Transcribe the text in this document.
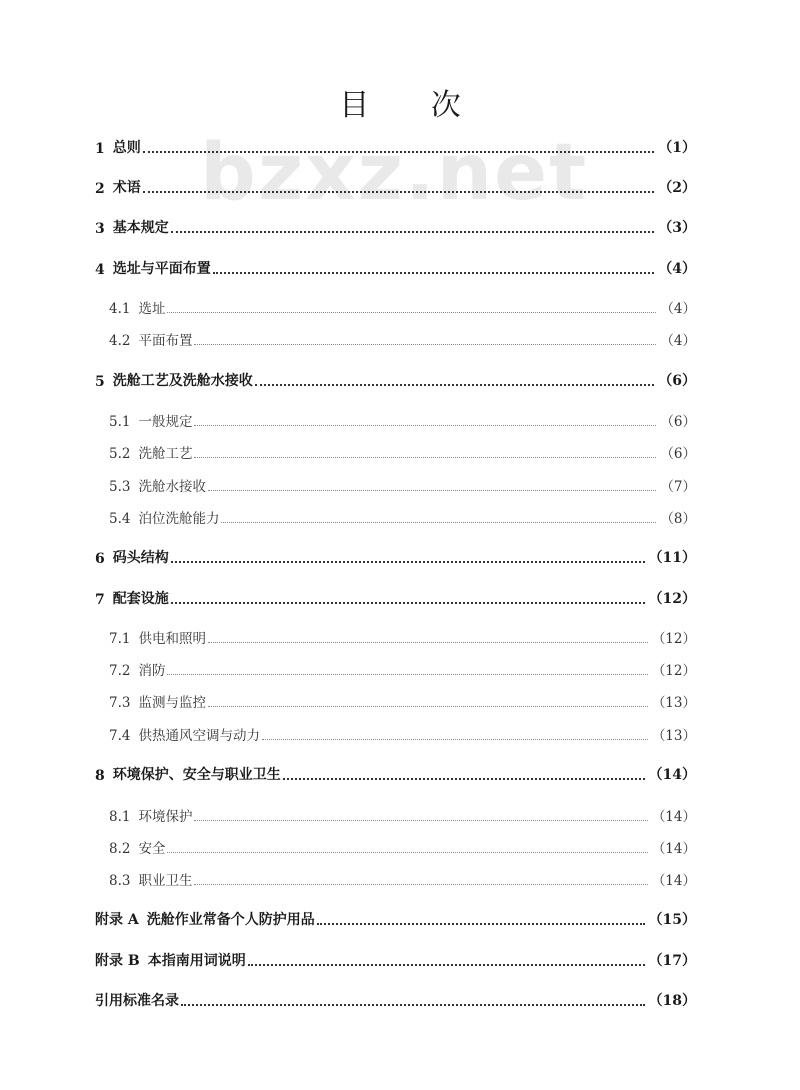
bzxz.net
目 次
1 总则	（1）
2 术语	（2）
3 基本规定	（3）
4 选址与平面布置	（4）
4.1 选址	（4）
4.2 平面布置	（4）
5 洗舱工艺及洗舱水接收	（6）
5.1 一般规定	（6）
5.2 洗舱工艺	（6）
5.3 洗舱水接收	（7）
5.4 泊位洗舱能力	（8）
6 码头结构	（11）
7 配套设施	（12）
7.1 供电和照明	（12）
7.2 消防	（12）
7.3 监测与监控	（13）
7.4 供热通风空调与动力	（13）
8 环境保护、安全与职业卫生	（14）
8.1 环境保护	（14）
8.2 安全	（14）
8.3 职业卫生	（14）
附录 A 洗舱作业常备个人防护用品	（15）
附录 B 本指南用词说明	（17）
引用标准名录	（18）
